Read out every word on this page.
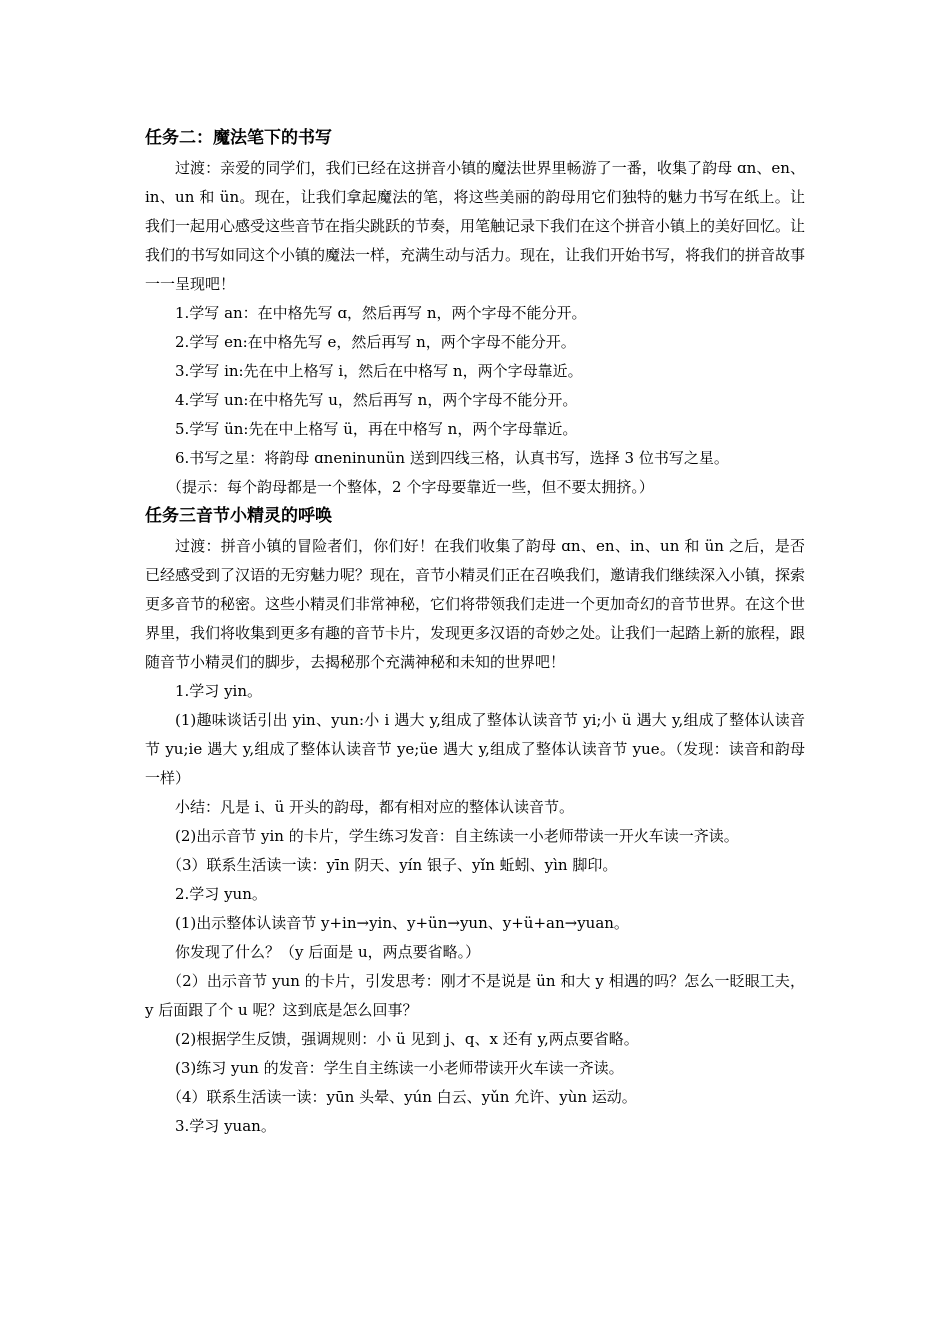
任务二：魔法笔下的书写

过渡：亲爱的同学们，我们已经在这拼音小镇的魔法世界里畅游了一番，收集了韵母 ɑn、en、in、un 和 ün。现在，让我们拿起魔法的笔，将这些美丽的韵母用它们独特的魅力书写在纸上。让我们一起用心感受这些音节在指尖跳跃的节奏，用笔触记录下我们在这个拼音小镇上的美好回忆。让我们的书写如同这个小镇的魔法一样，充满生动与活力。现在，让我们开始书写，将我们的拼音故事一一呈现吧！

1.学写 an：在中格先写 ɑ，然后再写 n，两个字母不能分开。

2.学写 en:在中格先写 e，然后再写 n，两个字母不能分开。

3.学写 in:先在中上格写 i，然后在中格写 n，两个字母靠近。

4.学写 un:在中格先写 u，然后再写 n，两个字母不能分开。

5.学写 ün:先在中上格写 ü，再在中格写 n，两个字母靠近。

6.书写之星：将韵母 ɑneninunün 送到四线三格，认真书写，选择 3 位书写之星。

（提示：每个韵母都是一个整体，2 个字母要靠近一些，但不要太拥挤。）

任务三音节小精灵的呼唤

过渡：拼音小镇的冒险者们，你们好！在我们收集了韵母 ɑn、en、in、un 和 ün 之后，是否已经感受到了汉语的无穷魅力呢？现在，音节小精灵们正在召唤我们，邀请我们继续深入小镇，探索更多音节的秘密。这些小精灵们非常神秘，它们将带领我们走进一个更加奇幻的音节世界。在这个世界里，我们将收集到更多有趣的音节卡片，发现更多汉语的奇妙之处。让我们一起踏上新的旅程，跟随音节小精灵们的脚步，去揭秘那个充满神秘和未知的世界吧！

1.学习 yin。

(1)趣味谈话引出 yin、yun:小 i 遇大 y,组成了整体认读音节 yi;小 ü 遇大 y,组成了整体认读音节 yu;ie 遇大 y,组成了整体认读音节 ye;üe 遇大 y,组成了整体认读音节 yue。（发现：读音和韵母一样）

小结：凡是 i、ü 开头的韵母，都有相对应的整体认读音节。

(2)出示音节 yin 的卡片，学生练习发音：自主练读一小老师带读一开火车读一齐读。

（3）联系生活读一读：yīn 阴天、yín 银子、yǐn 蚯蚓、yìn 脚印。

2.学习 yun。

(1)出示整体认读音节 y+in→yin、y+ün→yun、y+ü+an→yuan。

你发现了什么？（y 后面是 u，两点要省略。）

（2）出示音节 yun 的卡片，引发思考：刚才不是说是 ün 和大 y 相遇的吗？怎么一眨眼工夫，y 后面跟了个 u 呢？这到底是怎么回事？

(2)根据学生反馈，强调规则：小 ü 见到 j、q、x 还有 y,两点要省略。

(3)练习 yun 的发音：学生自主练读一小老师带读开火车读一齐读。

（4）联系生活读一读：yūn 头晕、yún 白云、yǔn 允许、yùn 运动。

3.学习 yuan。
